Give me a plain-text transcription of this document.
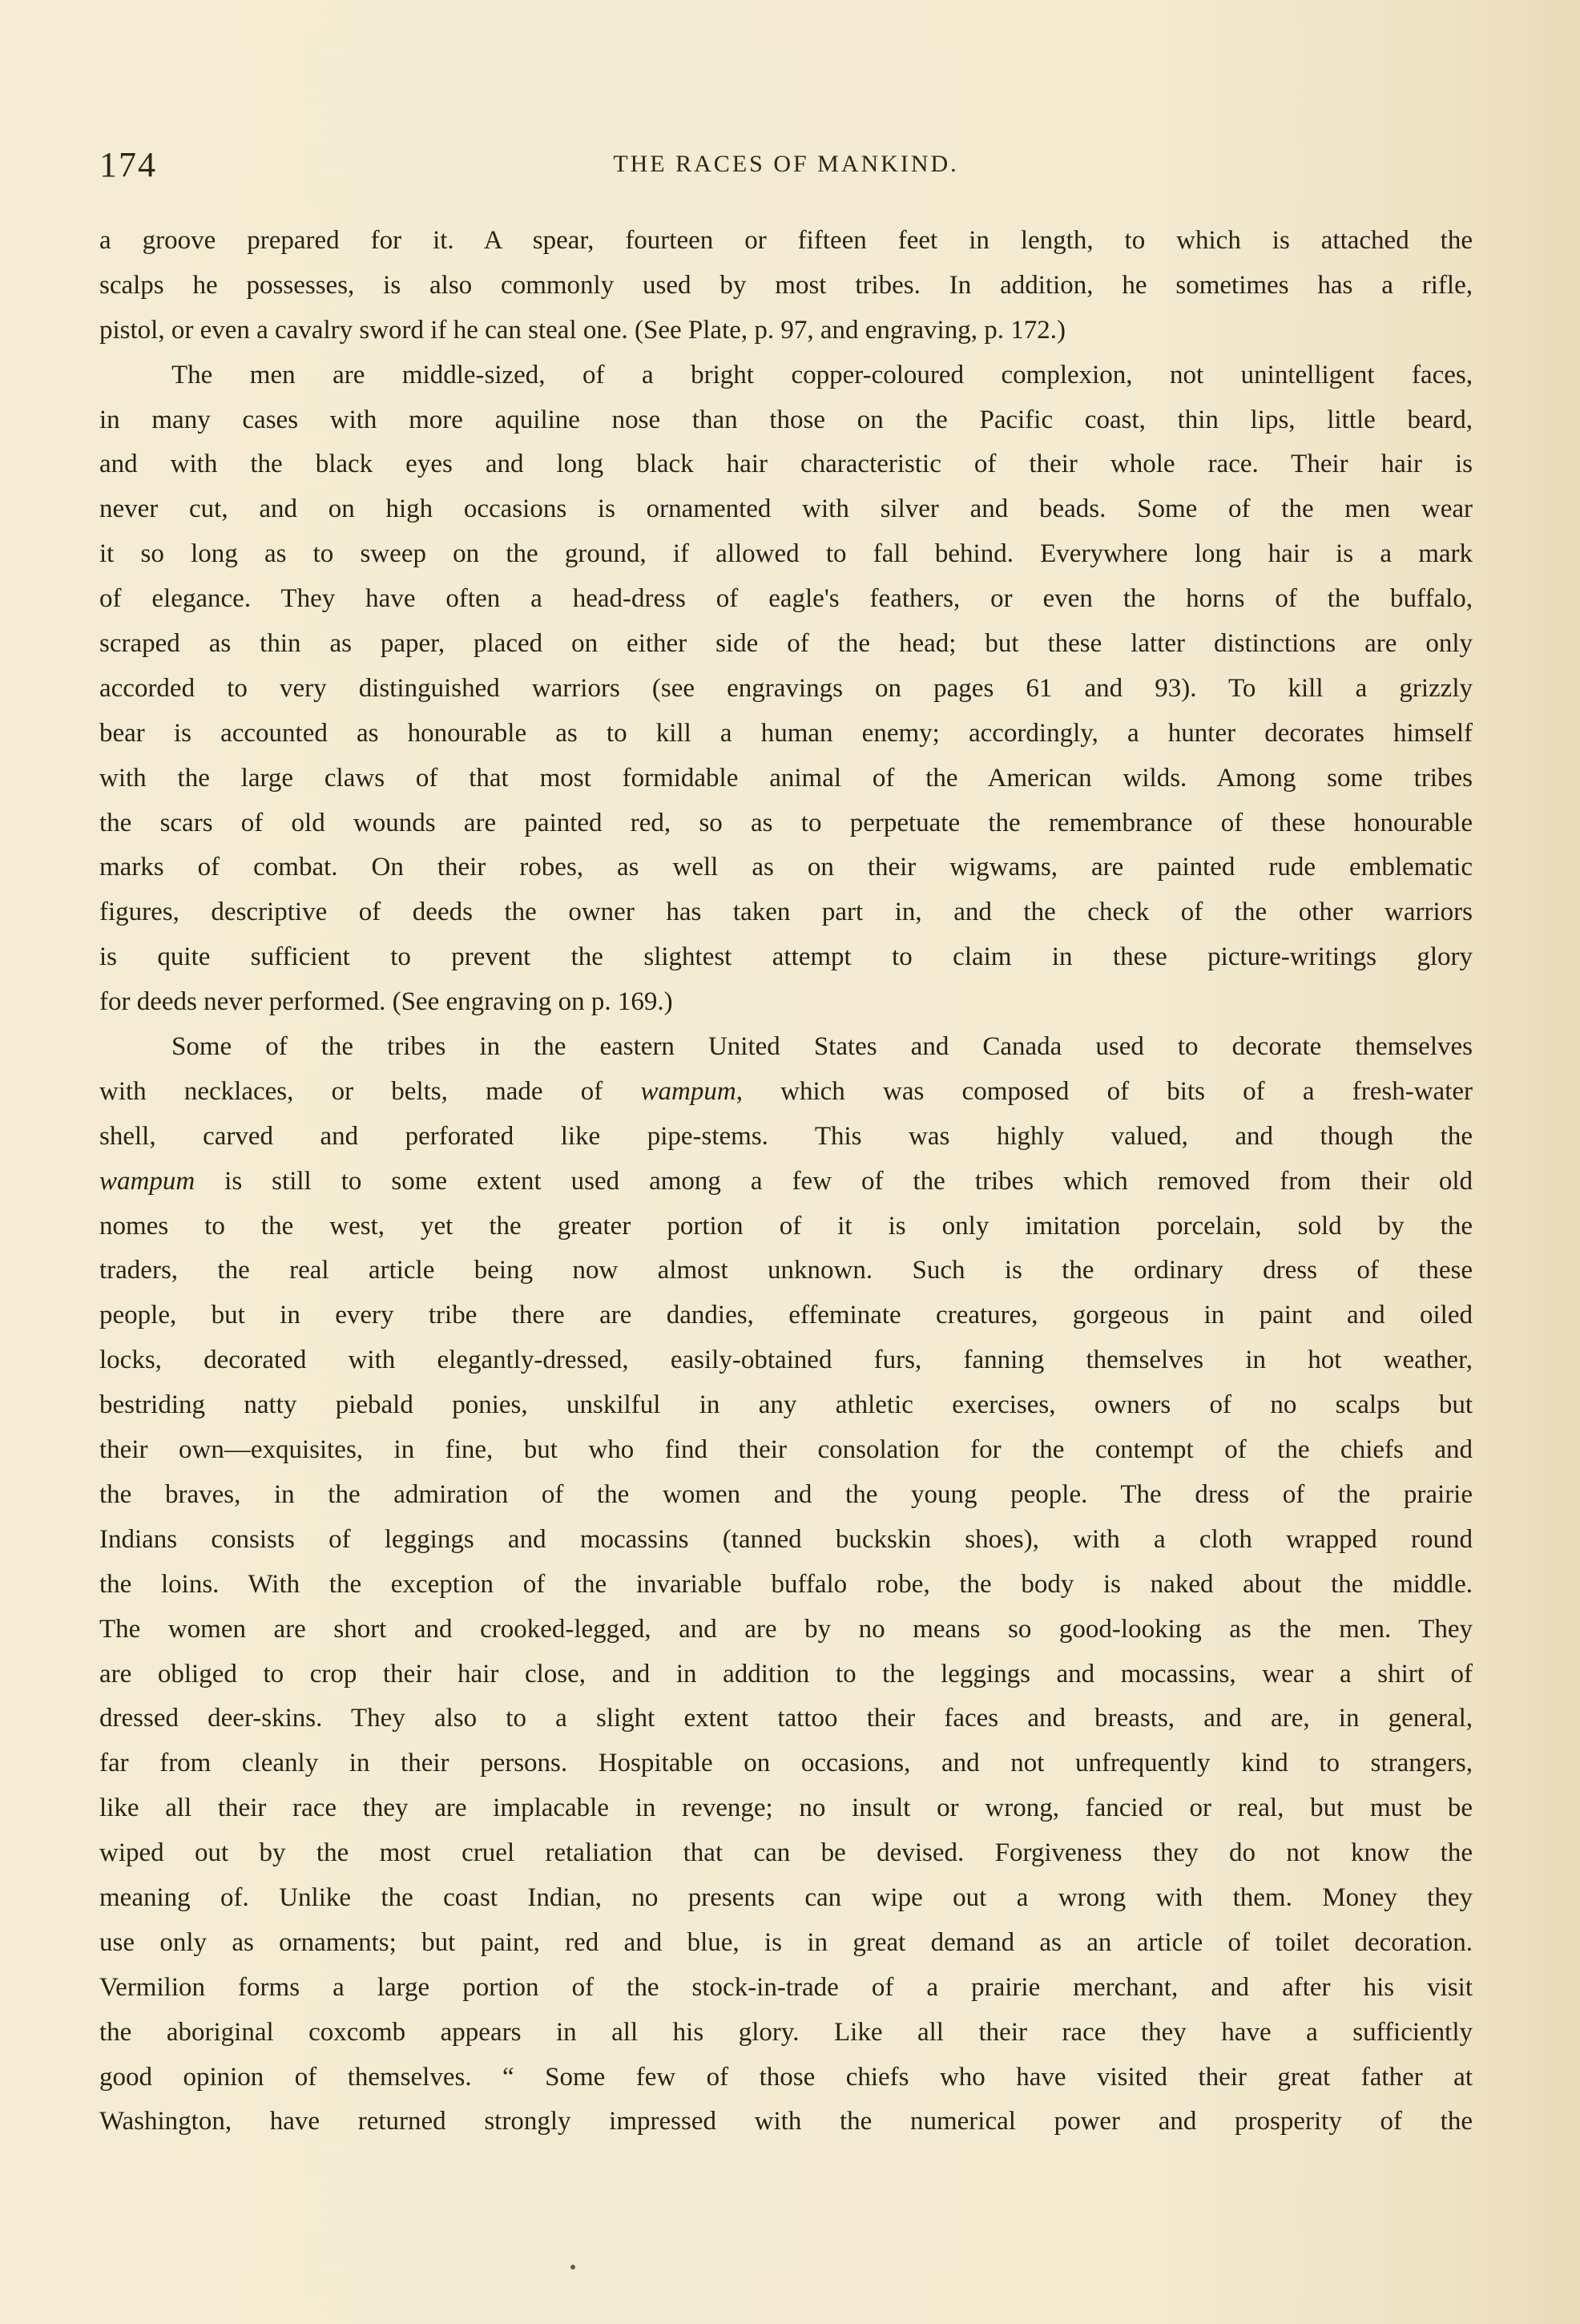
174	THE RACES OF MANKIND.
a groove prepared for it. A spear, fourteen or fifteen feet in length, to which is attached the
scalps he possesses, is also commonly used by most tribes. In addition, he sometimes has a rifle,
pistol, or even a cavalry sword if he can steal one. (See Plate, p. 97, and engraving, p. 172.)
The men are middle-sized, of a bright copper-coloured complexion, not unintelligent faces,
in many cases with more aquiline nose than those on the Pacific coast, thin lips, little beard,
and with the black eyes and long black hair characteristic of their whole race. Their hair is
never cut, and on high occasions is ornamented with silver and beads. Some of the men wear
it so long as to sweep on the ground, if allowed to fall behind. Everywhere long hair is a mark
of elegance. They have often a head-dress of eagle's feathers, or even the horns of the buffalo,
scraped as thin as paper, placed on either side of the head; but these latter distinctions are only
accorded to very distinguished warriors (see engravings on pages 61 and 93). To kill a grizzly
bear is accounted as honourable as to kill a human enemy; accordingly, a hunter decorates himself
with the large claws of that most formidable animal of the American wilds. Among some tribes
the scars of old wounds are painted red, so as to perpetuate the remembrance of these honourable
marks of combat. On their robes, as well as on their wigwams, are painted rude emblematic
figures, descriptive of deeds the owner has taken part in, and the check of the other warriors
is quite sufficient to prevent the slightest attempt to claim in these picture-writings glory
for deeds never performed. (See engraving on p. 169.)
Some of the tribes in the eastern United States and Canada used to decorate themselves
with necklaces, or belts, made of wampum, which was composed of bits of a fresh-water
shell, carved and perforated like pipe-stems. This was highly valued, and though the
wampum is still to some extent used among a few of the tribes which removed from their old
nomes to the west, yet the greater portion of it is only imitation porcelain, sold by the
traders, the real article being now almost unknown. Such is the ordinary dress of these
people, but in every tribe there are dandies, effeminate creatures, gorgeous in paint and oiled
locks, decorated with elegantly-dressed, easily-obtained furs, fanning themselves in hot weather,
bestriding natty piebald ponies, unskilful in any athletic exercises, owners of no scalps but
their own—exquisites, in fine, but who find their consolation for the contempt of the chiefs and
the braves, in the admiration of the women and the young people. The dress of the prairie
Indians consists of leggings and mocassins (tanned buckskin shoes), with a cloth wrapped round
the loins. With the exception of the invariable buffalo robe, the body is naked about the middle.
The women are short and crooked-legged, and are by no means so good-looking as the men. They
are obliged to crop their hair close, and in addition to the leggings and mocassins, wear a shirt of
dressed deer-skins. They also to a slight extent tattoo their faces and breasts, and are, in general,
far from cleanly in their persons. Hospitable on occasions, and not unfrequently kind to strangers,
like all their race they are implacable in revenge; no insult or wrong, fancied or real, but must be
wiped out by the most cruel retaliation that can be devised. Forgiveness they do not know the
meaning of. Unlike the coast Indian, no presents can wipe out a wrong with them. Money they
use only as ornaments; but paint, red and blue, is in great demand as an article of toilet decoration.
Vermilion forms a large portion of the stock-in-trade of a prairie merchant, and after his visit
the aboriginal coxcomb appears in all his glory. Like all their race they have a sufficiently
good opinion of themselves. “ Some few of those chiefs who have visited their great father at
Washington, have returned strongly impressed with the numerical power and prosperity of the
